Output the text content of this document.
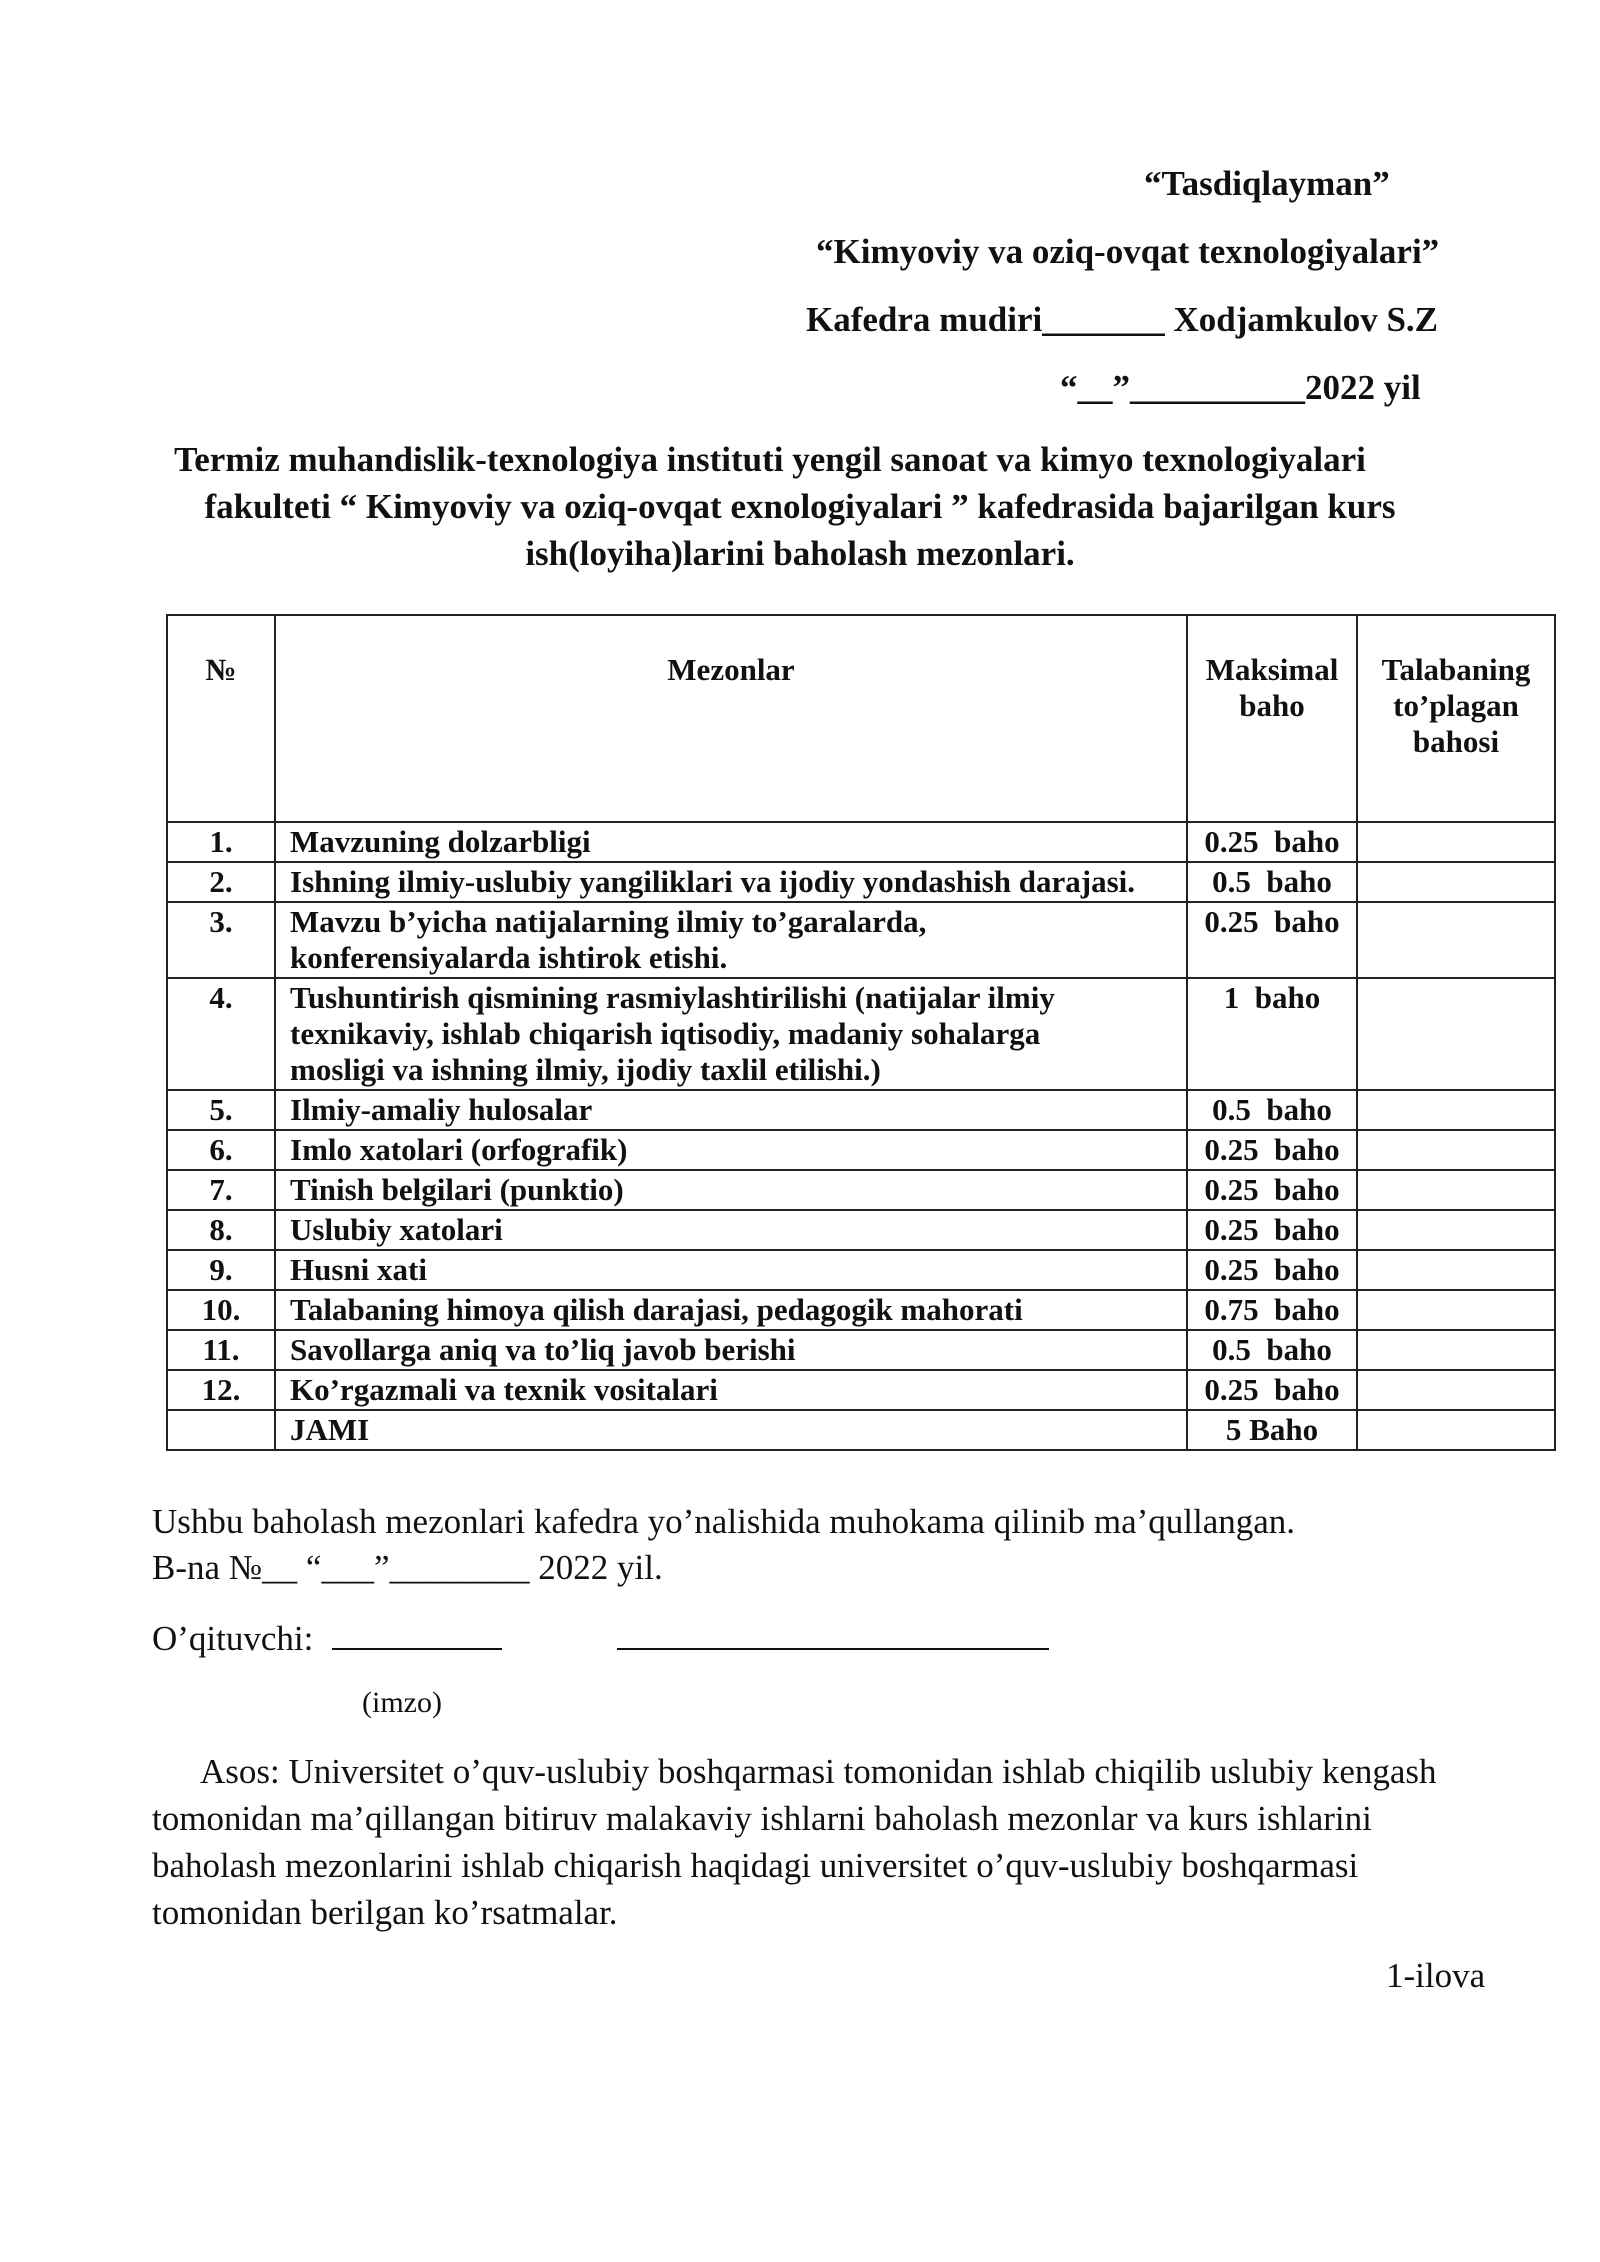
“Tasdiqlayman”
“Kimyoviy va oziq-ovqat texnologiyalari”
Kafedra mudiri_______ Xodjamkulov S.Z
“__”__________2022 yil
Termiz muhandislik-texnologiya instituti yengil sanoat va kimyo texnologiyalari
fakulteti “ Kimyoviy va oziq-ovqat exnologiyalari ” kafedrasida bajarilgan kurs
ish(loyiha)larini baholash mezonlari.
№	Mezonlar	Maksimal baho	Talabaning to’plagan bahosi
1.	Mavzuning dolzarbligi	0.25  baho	
2.	Ishning ilmiy-uslubiy yangiliklari va ijodiy yondashish darajasi.	0.5  baho	
3.	Mavzu b’yicha natijalarning ilmiy to’garalarda, konferensiyalarda ishtirok etishi.	0.25  baho	
4.	Tushuntirish qismining rasmiylashtirilishi (natijalar ilmiy texnikaviy, ishlab chiqarish iqtisodiy, madaniy sohalarga mosligi va ishning ilmiy, ijodiy taxlil etilishi.)	1  baho	
5.	Ilmiy-amaliy hulosalar	0.5  baho	
6.	Imlo xatolari (orfografik)	0.25  baho	
7.	Tinish belgilari (punktio)	0.25  baho	
8.	Uslubiy xatolari	0.25  baho	
9.	Husni xati	0.25  baho	
10.	Talabaning himoya qilish darajasi, pedagogik mahorati	0.75  baho	
11.	Savollarga aniq va to’liq javob berishi	0.5  baho	
12.	Ko’rgazmali va texnik vositalari	0.25  baho	
	JAMI	5 Baho	
Ushbu baholash mezonlari kafedra yo’nalishida muhokama qilinib ma’qullangan.
B-na №__ “___”________ 2022 yil.
O’qituvchi:
(imzo)
Asos: Universitet o’quv-uslubiy boshqarmasi tomonidan ishlab chiqilib uslubiy kengash tomonidan ma’qillangan bitiruv malakaviy ishlarni baholash mezonlar va kurs ishlarini baholash mezonlarini ishlab chiqarish haqidagi universitet o’quv-uslubiy boshqarmasi tomonidan berilgan ko’rsatmalar.
1-ilova
